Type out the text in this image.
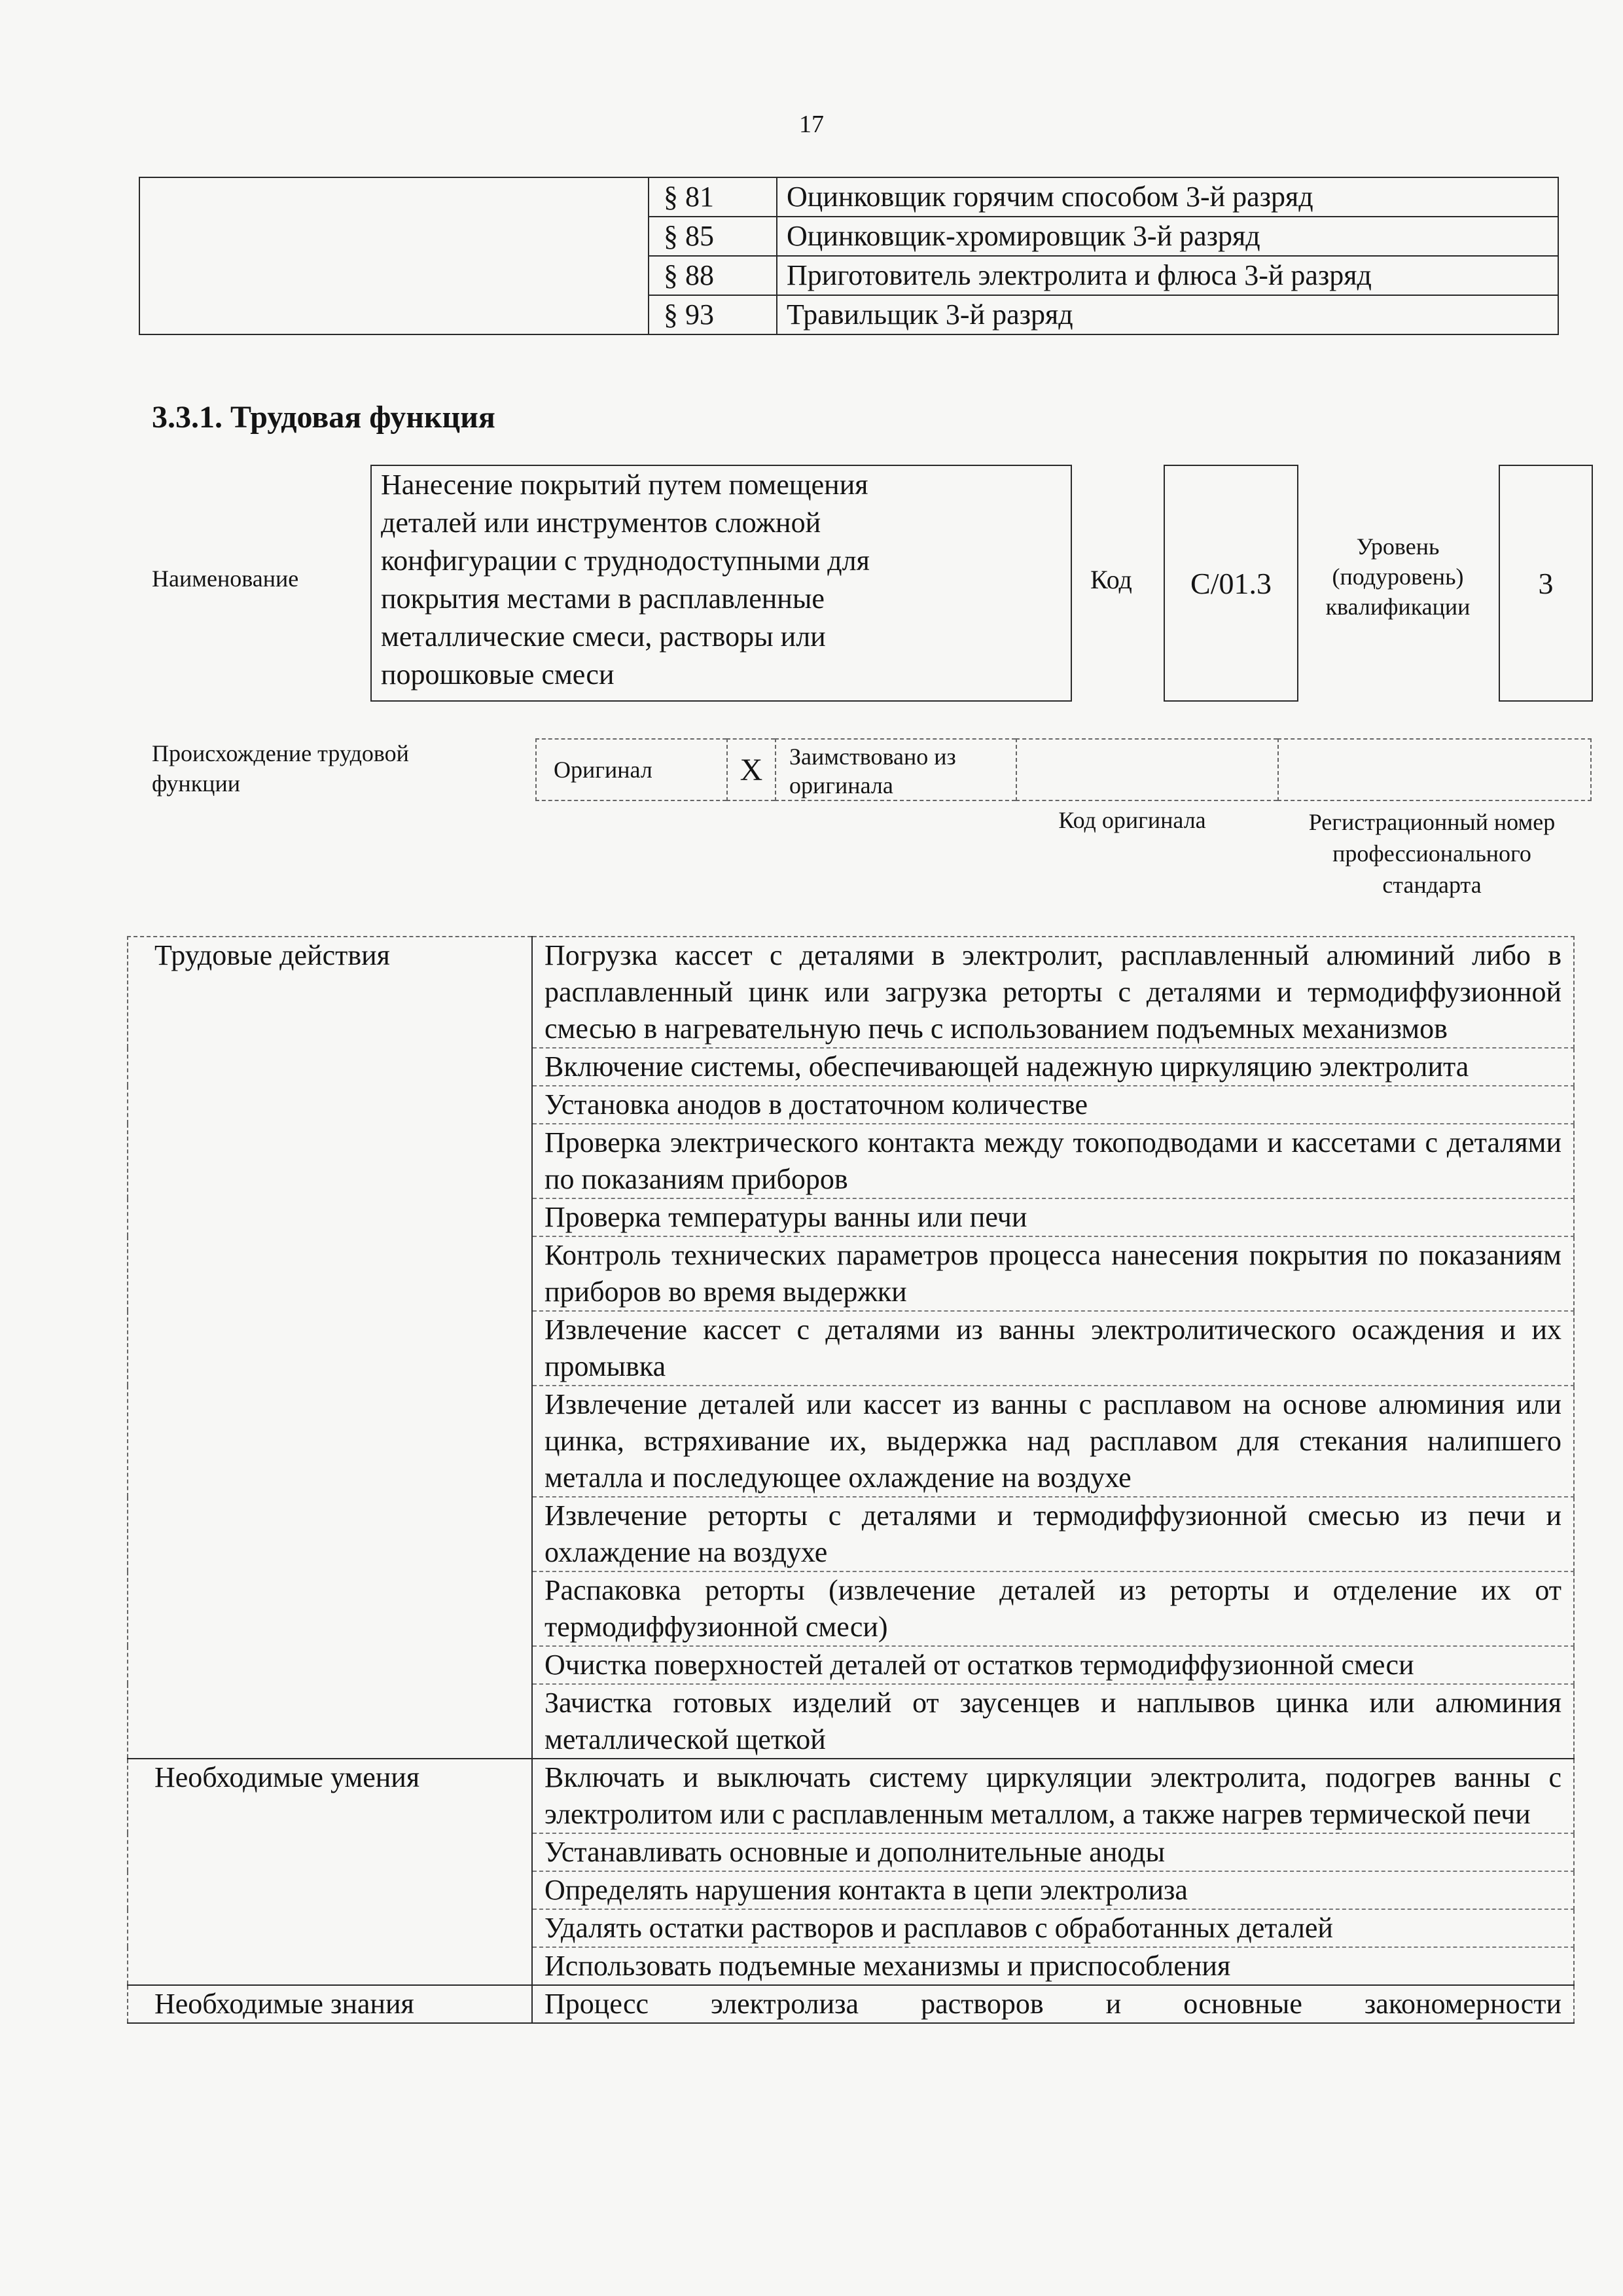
17
	§ 81	Оцинковщик горячим способом 3-й разряд
	§ 85	Оцинковщик-хромировщик 3-й разряд
	§ 88	Приготовитель электролита и флюса 3-й разряд
	§ 93	Травильщик 3-й разряд
3.3.1. Трудовая функция
Наименование
Нанесение покрытий путем помещения
деталей или инструментов сложной
конфигурации с труднодоступными для
покрытия местами в расплавленные
металлические смеси, растворы или
порошковые смеси
Код	С/01.3
Уровень
(подуровень)
квалификации
3
Происхождение трудовой
функции
Оригинал	X	Заимствовано из
оригинала
Код оригинала	Регистрационный номер
профессионального
стандарта
Трудовые действия	Погрузка кассет с деталями в электролит, расплавленный алюминий либо в расплавленный цинк или загрузка реторты с деталями и термодиффузионной смесью в нагревательную печь с использованием подъемных механизмов
	Включение системы, обеспечивающей надежную циркуляцию электролита
	Установка анодов в достаточном количестве
	Проверка электрического контакта между токоподводами и кассетами с деталями по показаниям приборов
	Проверка температуры ванны или печи
	Контроль технических параметров процесса нанесения покрытия по показаниям приборов во время выдержки
	Извлечение кассет с деталями из ванны электролитического осаждения и их промывка
	Извлечение деталей или кассет из ванны с расплавом на основе алюминия или цинка, встряхивание их, выдержка над расплавом для стекания налипшего металла и последующее охлаждение на воздухе
	Извлечение реторты с деталями и термодиффузионной смесью из печи и охлаждение на воздухе
	Распаковка реторты (извлечение деталей из реторты и отделение их от термодиффузионной смеси)
	Очистка поверхностей деталей от остатков термодиффузионной смеси
	Зачистка готовых изделий от заусенцев и наплывов цинка или алюминия металлической щеткой
Необходимые умения	Включать и выключать систему циркуляции электролита, подогрев ванны с электролитом или с расплавленным металлом, а также нагрев термической печи
	Устанавливать основные и дополнительные аноды
	Определять нарушения контакта в цепи электролиза
	Удалять остатки растворов и расплавов с обработанных деталей
	Использовать подъемные механизмы и приспособления
Необходимые знания	Процесс электролиза растворов и основные закономерности
